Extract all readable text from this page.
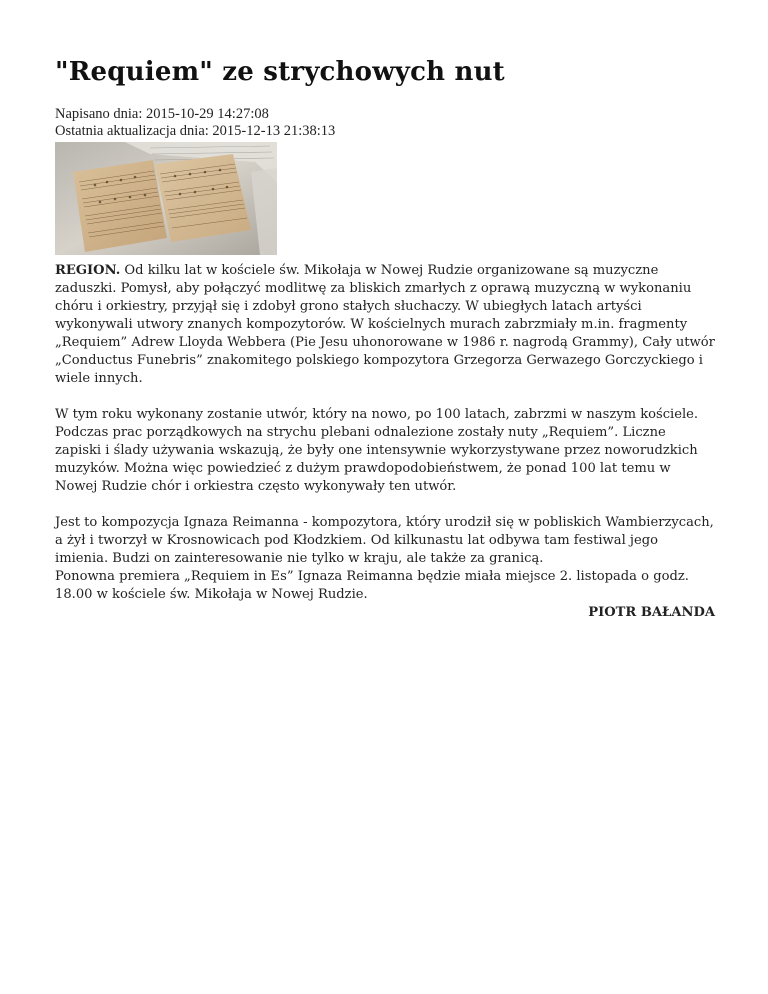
"Requiem" ze strychowych nut
Napisano dnia: 2015-10-29 14:27:08
Ostatnia aktualizacja dnia: 2015-12-13 21:38:13

REGION. Od kilku lat w kościele św. Mikołaja w Nowej Rudzie organizowane są muzyczne zaduszki. Pomysł, aby połączyć modlitwę za bliskich zmarłych z oprawą muzyczną w wykonaniu chóru i orkiestry, przyjął się i zdobył grono stałych słuchaczy. W ubiegłych latach artyści wykonywali utwory znanych kompozytorów. W kościelnych murach zabrzmiały m.in. fragmenty „Requiem” Adrew Lloyda Webbera (Pie Jesu uhonorowane w 1986 r. nagrodą Grammy), Cały utwór „Conductus Funebris” znakomitego polskiego kompozytora Grzegorza Gerwazego Gorczyckiego i wiele innych.

W tym roku wykonany zostanie utwór, który na nowo, po 100 latach, zabrzmi w naszym kościele. Podczas prac porządkowych na strychu plebani odnalezione zostały nuty „Requiem”. Liczne zapiski i ślady używania wskazują, że były one intensywnie wykorzystywane przez noworudzkich muzyków. Można więc powiedzieć z dużym prawdopodobieństwem, że ponad 100 lat temu w Nowej Rudzie chór i orkiestra często wykonywały ten utwór.

Jest to kompozycja Ignaza Reimanna - kompozytora, który urodził się w pobliskich Wambierzycach, a żył i tworzył w Krosnowicach pod Kłodzkiem. Od kilkunastu lat odbywa tam festiwal jego imienia. Budzi on zainteresowanie nie tylko w kraju, ale także za granicą.
Ponowna premiera „Requiem in Es” Ignaza Reimanna będzie miała miejsce 2. listopada o godz. 18.00 w kościele św. Mikołaja w Nowej Rudzie.

PIOTR BAŁANDA
